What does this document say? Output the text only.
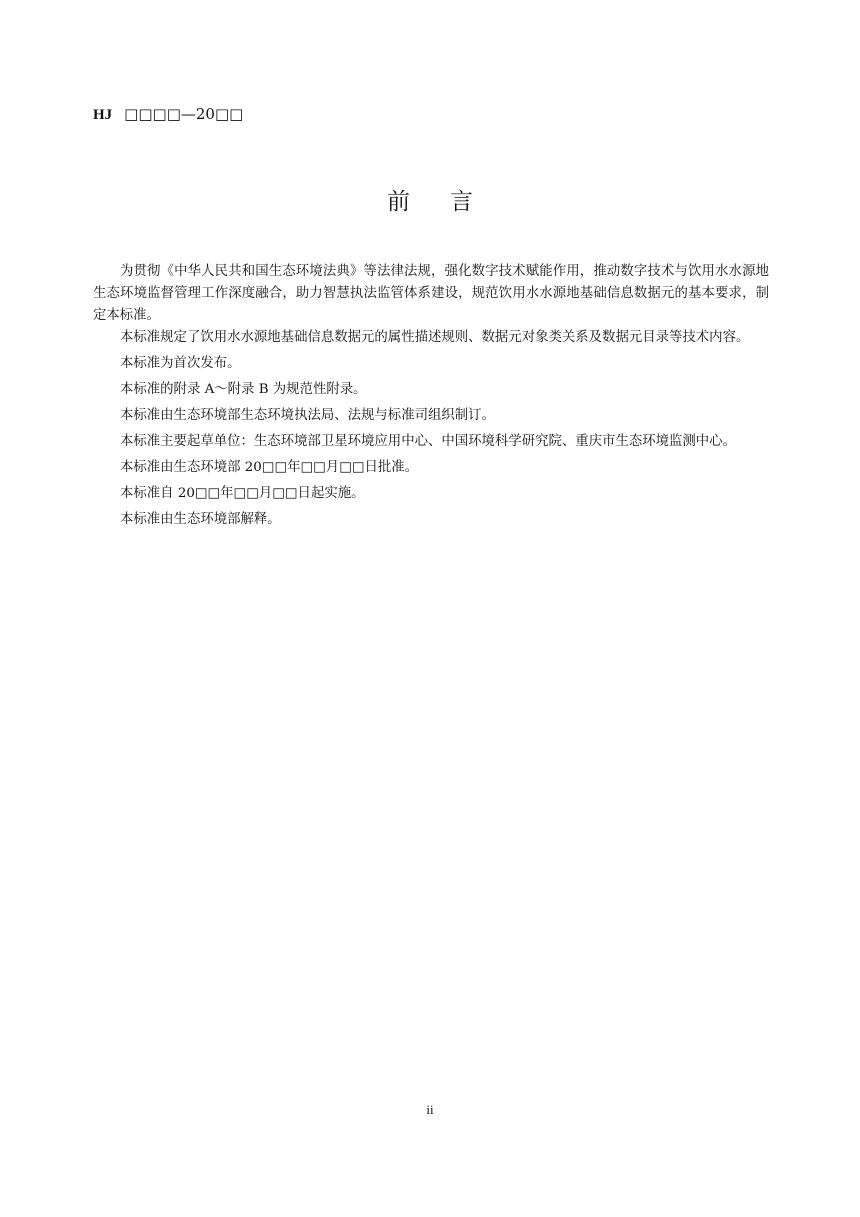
HJ □□□□—20□□
前 言

为贯彻《中华人民共和国生态环境法典》等法律法规，强化数字技术赋能作用，推动数字技术与饮用水水源地生态环境监督管理工作深度融合，助力智慧执法监管体系建设，规范饮用水水源地基础信息数据元的基本要求，制定本标准。

本标准规定了饮用水水源地基础信息数据元的属性描述规则、数据元对象类关系及数据元目录等技术内容。

本标准为首次发布。

本标准的附录 A～附录 B 为规范性附录。

本标准由生态环境部生态环境执法局、法规与标准司组织制订。

本标准主要起草单位：生态环境部卫星环境应用中心、中国环境科学研究院、重庆市生态环境监测中心。

本标准由生态环境部 20□□年□□月□□日批准。

本标准自 20□□年□□月□□日起实施。

本标准由生态环境部解释。

ii
